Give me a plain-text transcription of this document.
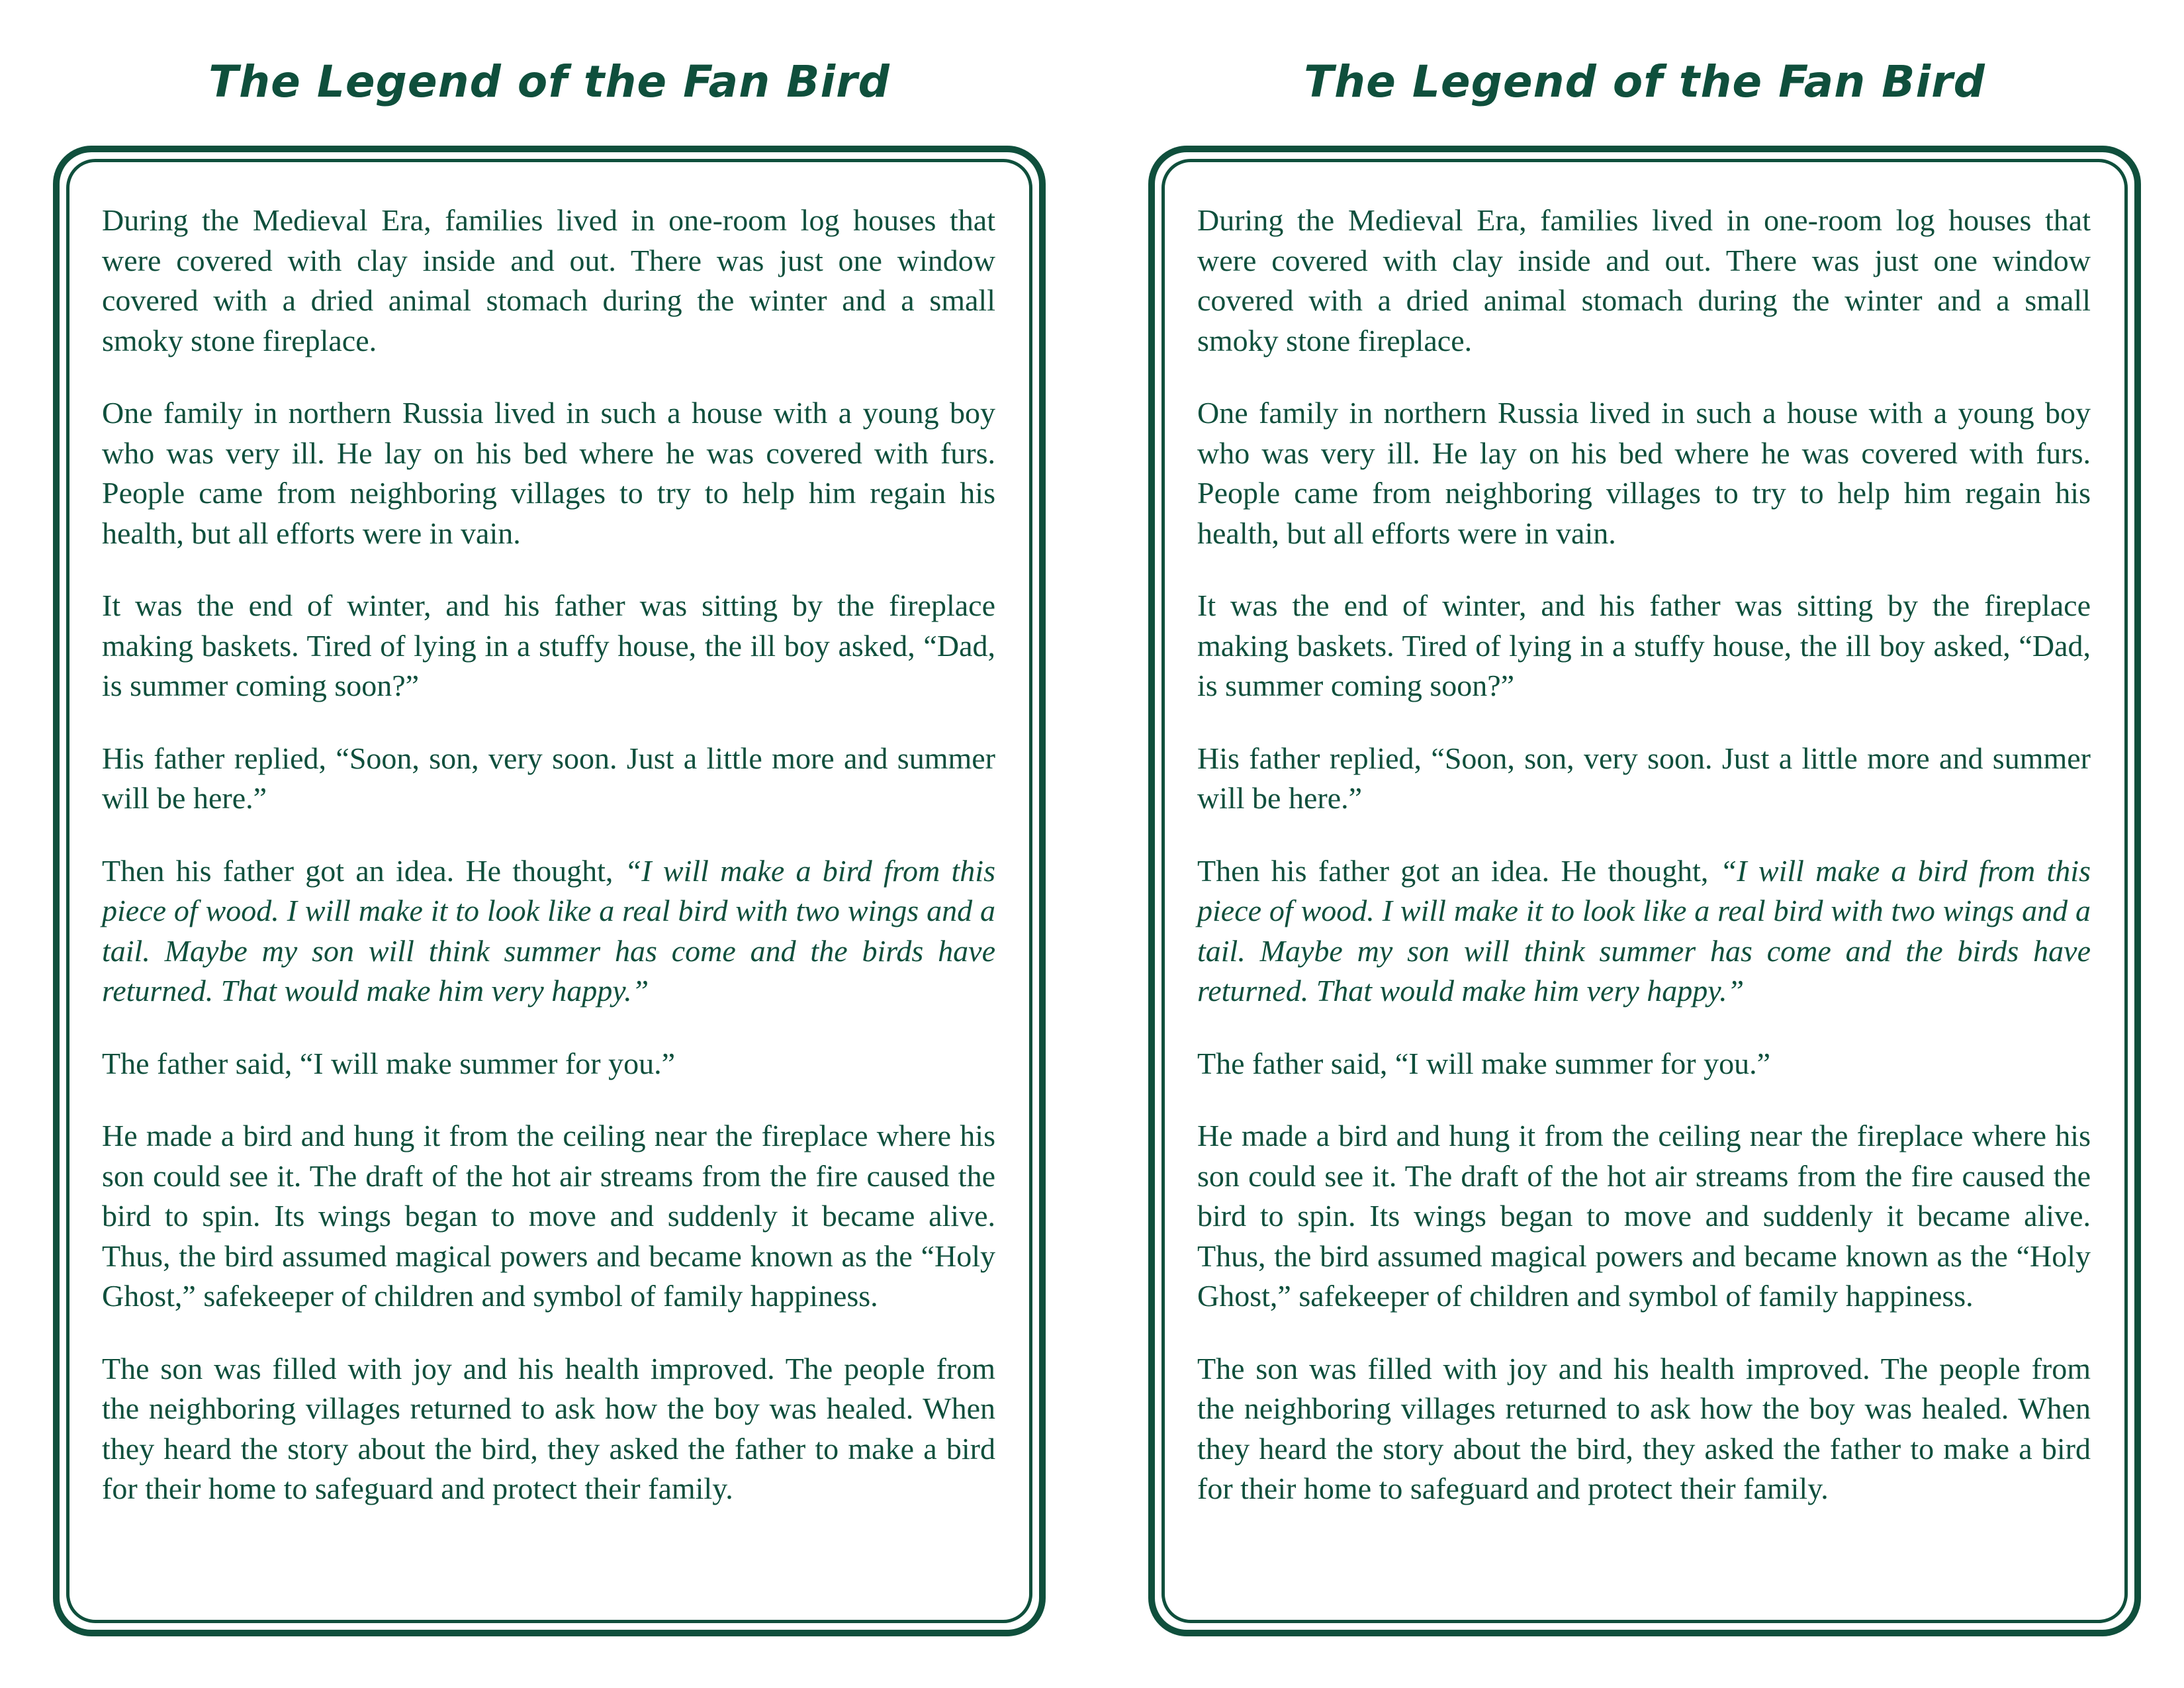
The Legend of the Fan Bird

During the Medieval Era, families lived in one-room log houses that were covered with clay inside and out. There was just one window covered with a dried animal stomach during the winter and a small smoky stone fireplace.

One family in northern Russia lived in such a house with a young boy who was very ill. He lay on his bed where he was covered with furs. People came from neighboring villages to try to help him regain his health, but all efforts were in vain.

It was the end of winter, and his father was sitting by the fireplace making baskets. Tired of lying in a stuffy house, the ill boy asked, “Dad, is summer coming soon?”

His father replied, “Soon, son, very soon. Just a little more and summer will be here.”

Then his father got an idea. He thought, “I will make a bird from this piece of wood. I will make it to look like a real bird with two wings and a tail. Maybe my son will think summer has come and the birds have returned. That would make him very happy.”

The father said, “I will make summer for you.”

He made a bird and hung it from the ceiling near the fireplace where his son could see it. The draft of the hot air streams from the fire caused the bird to spin. Its wings began to move and suddenly it became alive. Thus, the bird assumed magical powers and became known as the “Holy Ghost,” safekeeper of children and symbol of family happiness.

The son was filled with joy and his health improved. The people from the neighboring villages returned to ask how the boy was healed. When they heard the story about the bird, they asked the father to make a bird for their home to safeguard and protect their family.

The Legend of the Fan Bird

During the Medieval Era, families lived in one-room log houses that were covered with clay inside and out. There was just one window covered with a dried animal stomach during the winter and a small smoky stone fireplace.

One family in northern Russia lived in such a house with a young boy who was very ill. He lay on his bed where he was covered with furs. People came from neighboring villages to try to help him regain his health, but all efforts were in vain.

It was the end of winter, and his father was sitting by the fireplace making baskets. Tired of lying in a stuffy house, the ill boy asked, “Dad, is summer coming soon?”

His father replied, “Soon, son, very soon. Just a little more and summer will be here.”

Then his father got an idea. He thought, “I will make a bird from this piece of wood. I will make it to look like a real bird with two wings and a tail. Maybe my son will think summer has come and the birds have returned. That would make him very happy.”

The father said, “I will make summer for you.”

He made a bird and hung it from the ceiling near the fireplace where his son could see it. The draft of the hot air streams from the fire caused the bird to spin. Its wings began to move and suddenly it became alive. Thus, the bird assumed magical powers and became known as the “Holy Ghost,” safekeeper of children and symbol of family happiness.

The son was filled with joy and his health improved. The people from the neighboring villages returned to ask how the boy was healed. When they heard the story about the bird, they asked the father to make a bird for their home to safeguard and protect their family.
